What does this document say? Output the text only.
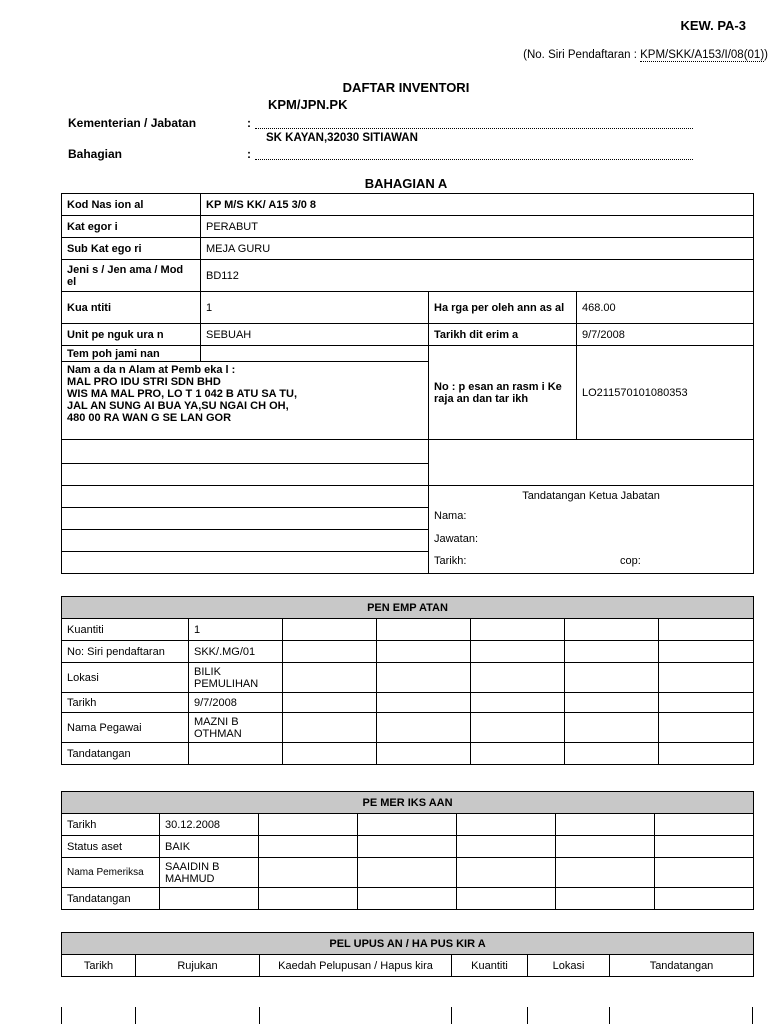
KEW. PA-3
(No. Siri Pendaftaran : KPM/SKK/A153/I/08(01))
DAFTAR INVENTORI
KPM/JPN.PK
Kementerian / Jabatan	:
SK KAYAN,32030 SITIAWAN
Bahagian	:
BAHAGIAN A
Kod Nas ion al	KP M/S KK/ A15 3/0 8		
Kat egor i	PERABUT		
Sub Kat ego ri	MEJA GURU		
Jeni s / Jen ama / Mod el	BD112		
Kua ntiti	1	Ha rga per oleh ann as al	468.00
Unit pe nguk ura n	SEBUAH	Tarikh dit erim a	9/7/2008
Tem poh jami nan		No : p esan an rasm i Ke raja an dan tar ikh	LO211570101080353

Nam a da n Alam at Pemb eka l :
MAL PRO IDU STRI SDN BHD
WIS MA MAL PRO, LO T 1 042 B ATU SA TU,
JAL AN SUNG AI BUA YA,SU NGAI CH OH,
480 00 RA WAN G SE LAN GOR			

		Tandatangan Ketua Jabatan
Nama:
Jawatan:
Tarikh: cop:	

PEN EMP ATAN						
Kuantiti	1					
No: Siri pendaftaran	SKK/.MG/01					
Lokasi	BILIK PEMULIHAN					
Tarikh	9/7/2008					
Nama Pegawai	MAZNI B OTHMAN					
Tandatangan						
PE MER IKS AAN						
Tarikh	30.12.2008					
Status aset	BAIK					
Nama Pemeriksa	SAAIDIN B MAHMUD					
Tandatangan						
PEL UPUS AN / HA PUS KIR A
Tarikh	Rujukan	Kaedah Pelupusan / Hapus kira	Kuantiti	Lokasi	Tandatangan
